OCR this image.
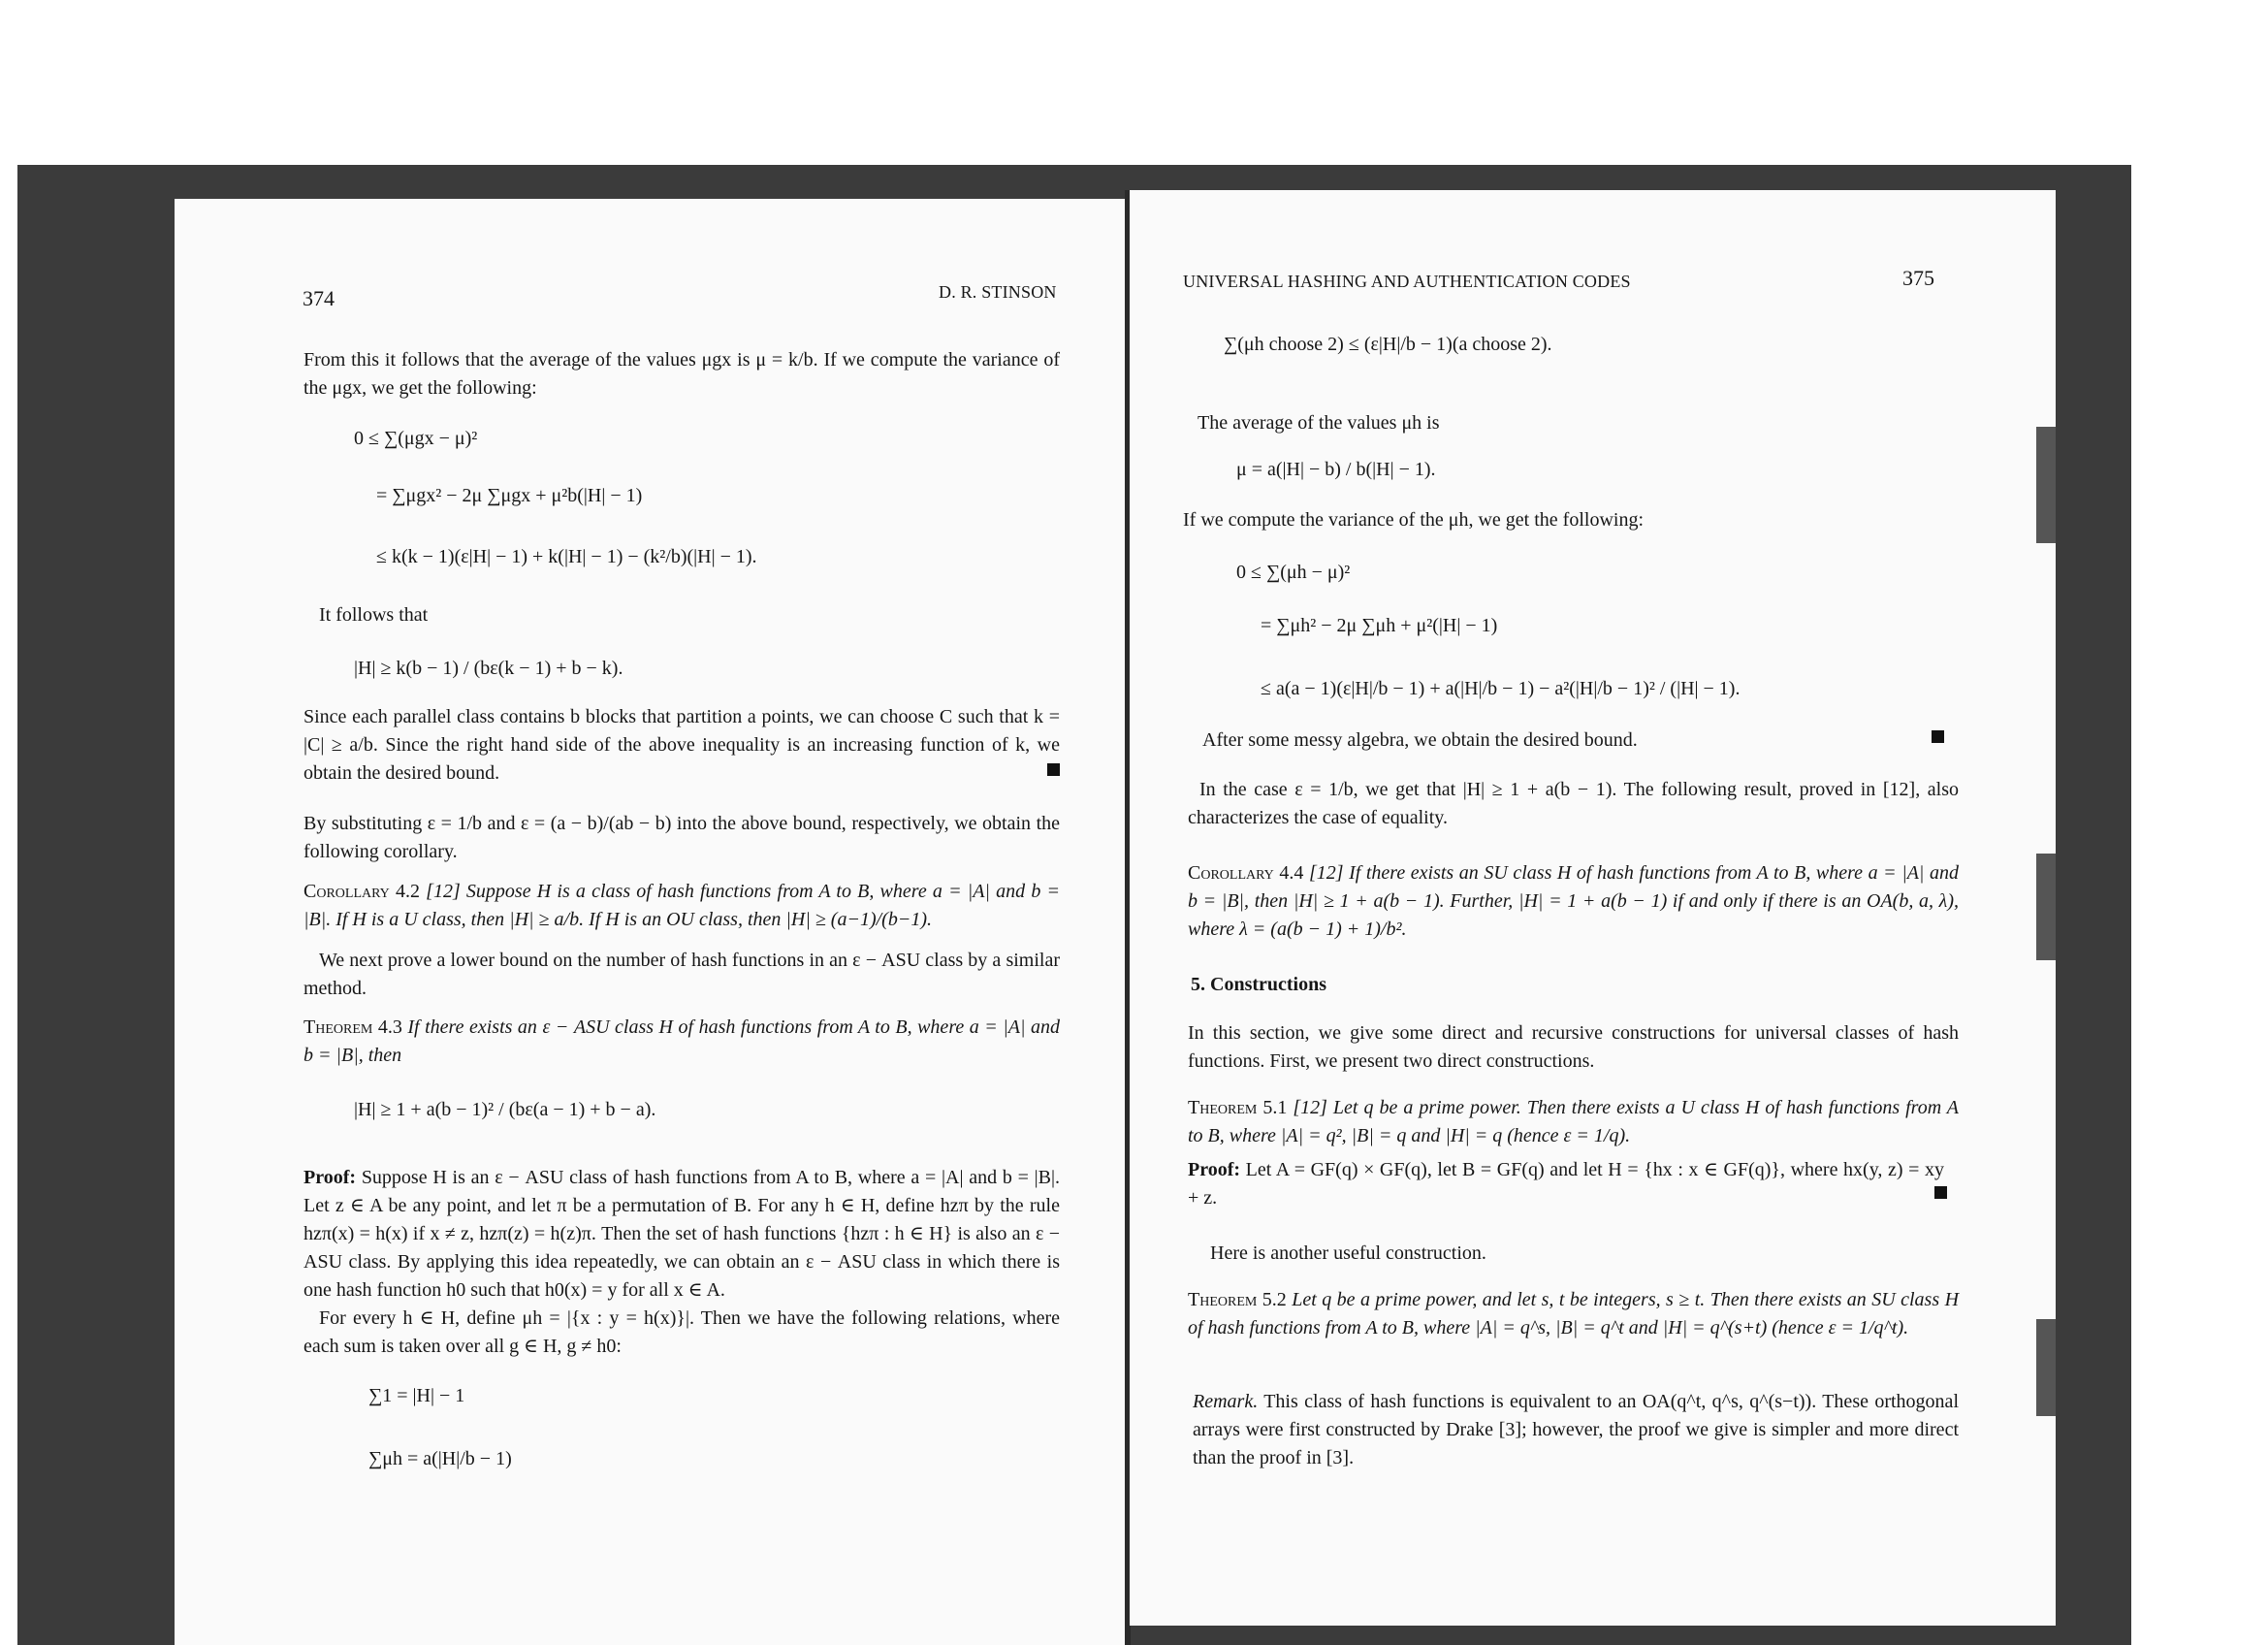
374	D. R. STINSON
From this it follows that the average of the values μgx is μ = k/b. If we compute the variance of the μgx, we get the following:
0 ≤ ∑(μgx − μ)²
= ∑μgx² − 2μ ∑μgx + μ²b(|H| − 1)
≤ k(k − 1)(ε|H| − 1) + k(|H| − 1) − (k²/b)(|H| − 1).
It follows that
|H| ≥ k(b − 1) / (bε(k − 1) + b − k).
Since each parallel class contains b blocks that partition a points, we can choose C such that k = |C| ≥ a/b. Since the right hand side of the above inequality is an increasing function of k, we obtain the desired bound.
By substituting ε = 1/b and ε = (a − b)/(ab − b) into the above bound, respectively, we obtain the following corollary.
Corollary 4.2 [12] Suppose H is a class of hash functions from A to B, where a = |A| and b = |B|. If H is a U class, then |H| ≥ a/b. If H is an OU class, then |H| ≥ (a−1)/(b−1).
We next prove a lower bound on the number of hash functions in an ε − ASU class by a similar method.
Theorem 4.3 If there exists an ε − ASU class H of hash functions from A to B, where a = |A| and b = |B|, then
|H| ≥ 1 + a(b − 1)² / (bε(a − 1) + b − a).
Proof: Suppose H is an ε − ASU class of hash functions from A to B, where a = |A| and b = |B|. Let z ∈ A be any point, and let π be a permutation of B. For any h ∈ H, define hzπ by the rule hzπ(x) = h(x) if x ≠ z, hzπ(z) = h(z)π. Then the set of hash functions {hzπ : h ∈ H} is also an ε − ASU class. By applying this idea repeatedly, we can obtain an ε − ASU class in which there is one hash function h0 such that h0(x) = y for all x ∈ A.
For every h ∈ H, define μh = |{x : y = h(x)}|. Then we have the following relations, where each sum is taken over all g ∈ H, g ≠ h0:
∑1 = |H| − 1
∑μh = a(|H|/b − 1)
UNIVERSAL HASHING AND AUTHENTICATION CODES	375
∑(μh choose 2) ≤ (ε|H|/b − 1)(a choose 2).
The average of the values μh is
μ = a(|H| − b) / b(|H| − 1).
If we compute the variance of the μh, we get the following:
0 ≤ ∑(μh − μ)²
= ∑μh² − 2μ ∑μh + μ²(|H| − 1)
≤ a(a − 1)(ε|H|/b − 1) + a(|H|/b − 1) − a²(|H|/b − 1)² / (|H| − 1).
After some messy algebra, we obtain the desired bound.
In the case ε = 1/b, we get that |H| ≥ 1 + a(b − 1). The following result, proved in [12], also characterizes the case of equality.
Corollary 4.4 [12] If there exists an SU class H of hash functions from A to B, where a = |A| and b = |B|, then |H| ≥ 1 + a(b − 1). Further, |H| = 1 + a(b − 1) if and only if there is an OA(b, a, λ), where λ = (a(b − 1) + 1)/b².
5. Constructions
In this section, we give some direct and recursive constructions for universal classes of hash functions. First, we present two direct constructions.
Theorem 5.1 [12] Let q be a prime power. Then there exists a U class H of hash functions from A to B, where |A| = q², |B| = q and |H| = q (hence ε = 1/q).
Proof: Let A = GF(q) × GF(q), let B = GF(q) and let H = {hx : x ∈ GF(q)}, where hx(y, z) = xy + z.
Here is another useful construction.
Theorem 5.2 Let q be a prime power, and let s, t be integers, s ≥ t. Then there exists an SU class H of hash functions from A to B, where |A| = q^s, |B| = q^t and |H| = q^(s+t) (hence ε = 1/q^t).
Remark. This class of hash functions is equivalent to an OA(q^t, q^s, q^(s−t)). These orthogonal arrays were first constructed by Drake [3]; however, the proof we give is simpler and more direct than the proof in [3].
